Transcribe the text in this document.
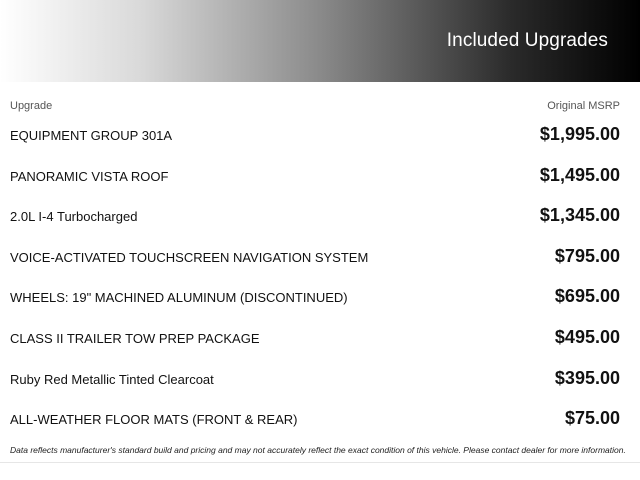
Included Upgrades
Upgrade	Original MSRP
EQUIPMENT GROUP 301A	$1,995.00
PANORAMIC VISTA ROOF	$1,495.00
2.0L I-4 Turbocharged	$1,345.00
VOICE-ACTIVATED TOUCHSCREEN NAVIGATION SYSTEM	$795.00
WHEELS: 19" MACHINED ALUMINUM (DISCONTINUED)	$695.00
CLASS II TRAILER TOW PREP PACKAGE	$495.00
Ruby Red Metallic Tinted Clearcoat	$395.00
ALL-WEATHER FLOOR MATS (FRONT & REAR)	$75.00
Data reflects manufacturer's standard build and pricing and may not accurately reflect the exact condition of this vehicle. Please contact dealer for more information.
